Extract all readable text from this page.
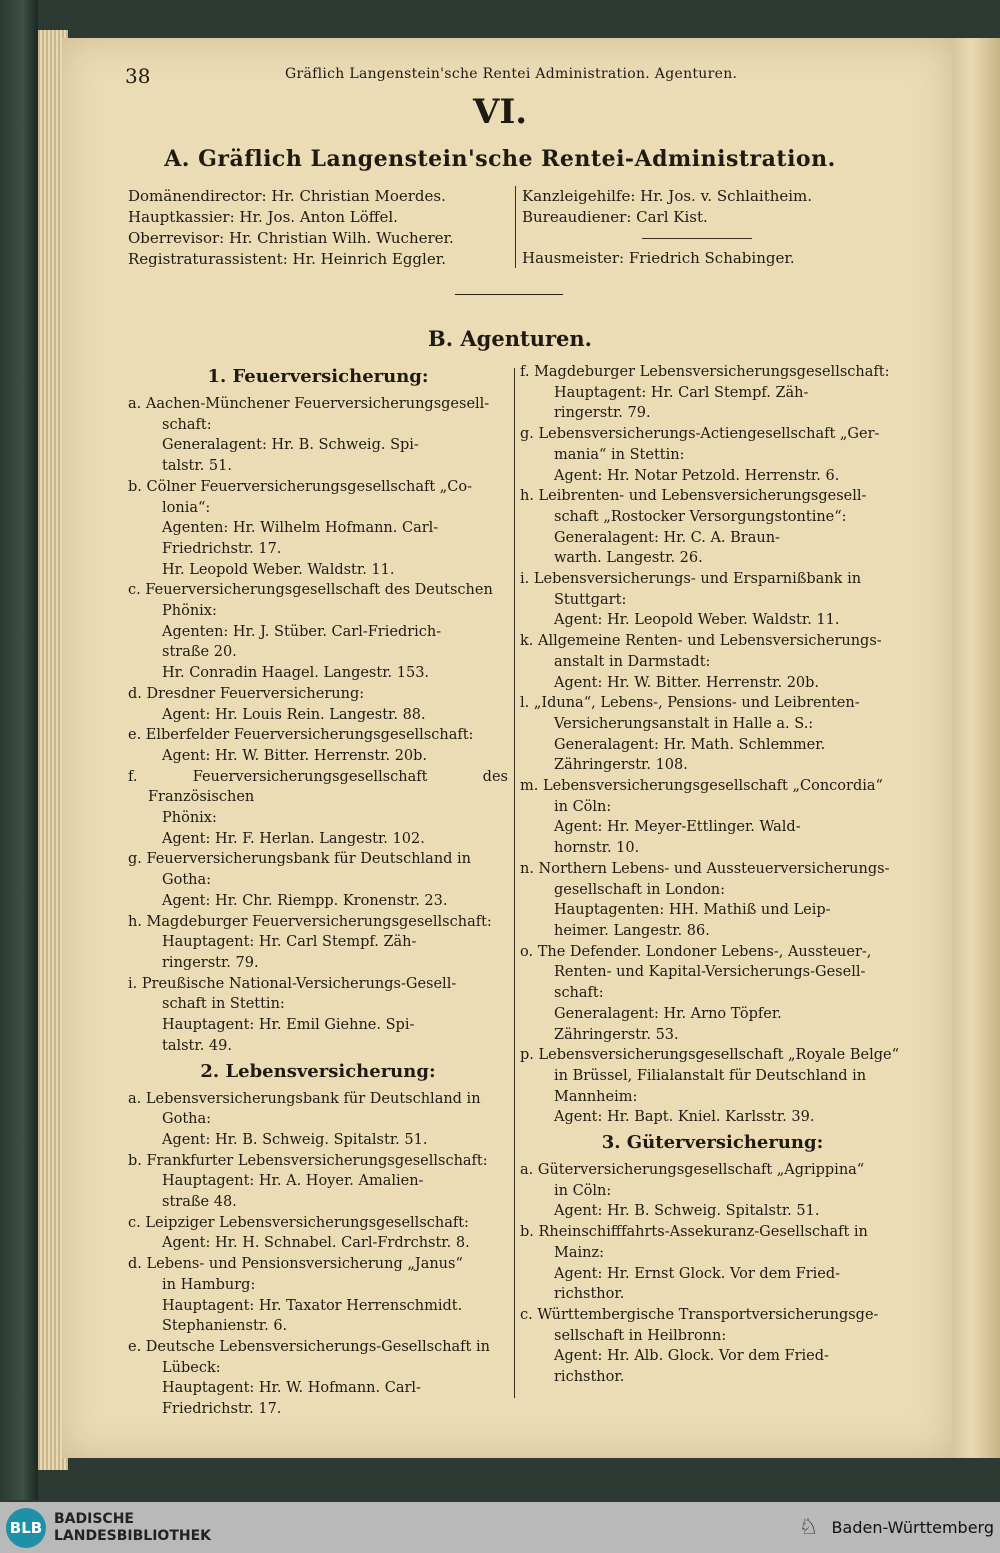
38	Gräflich Langenstein'sche Rentei Administration. Agenturen.
VI.
A. Gräflich Langenstein'sche Rentei-Administration.
Domänendirector: Hr. Christian Moerdes.
Hauptkassier: Hr. Jos. Anton Löffel.
Oberrevisor: Hr. Christian Wilh. Wucherer.
Registraturassistent: Hr. Heinrich Eggler.
Kanzleigehilfe: Hr. Jos. v. Schlaitheim.
Bureaudiener: Carl Kist.
Hausmeister: Friedrich Schabinger.
B. Agenturen.
1. Feuerversicherung:
a. Aachen-Münchener Feuerversicherungsgesell-
schaft:
Generalagent: Hr. B. Schweig. Spi-
talstr. 51.
b. Cölner Feuerversicherungsgesellschaft „Co-
lonia“:
Agenten: Hr. Wilhelm Hofmann. Carl-
Friedrichstr. 17.
Hr. Leopold Weber. Waldstr. 11.
c. Feuerversicherungsgesellschaft des Deutschen
Phönix:
Agenten: Hr. J. Stüber. Carl-Friedrich-
straße 20.
Hr. Conradin Haagel. Langestr. 153.
d. Dresdner Feuerversicherung:
Agent: Hr. Louis Rein. Langestr. 88.
e. Elberfelder Feuerversicherungsgesellschaft:
Agent: Hr. W. Bitter. Herrenstr. 20b.
f. Feuerversicherungsgesellschaft des Französischen
Phönix:
Agent: Hr. F. Herlan. Langestr. 102.
g. Feuerversicherungsbank für Deutschland in
Gotha:
Agent: Hr. Chr. Riempp. Kronenstr. 23.
h. Magdeburger Feuerversicherungsgesellschaft:
Hauptagent: Hr. Carl Stempf. Zäh-
ringerstr. 79.
i. Preußische National-Versicherungs-Gesell-
schaft in Stettin:
Hauptagent: Hr. Emil Giehne. Spi-
talstr. 49.
2. Lebensversicherung:
a. Lebensversicherungsbank für Deutschland in
Gotha:
Agent: Hr. B. Schweig. Spitalstr. 51.
b. Frankfurter Lebensversicherungsgesellschaft:
Hauptagent: Hr. A. Hoyer. Amalien-
straße 48.
c. Leipziger Lebensversicherungsgesellschaft:
Agent: Hr. H. Schnabel. Carl-Frdrchstr. 8.
d. Lebens- und Pensionsversicherung „Janus“
in Hamburg:
Hauptagent: Hr. Taxator Herrenschmidt.
Stephanienstr. 6.
e. Deutsche Lebensversicherungs-Gesellschaft in
Lübeck:
Hauptagent: Hr. W. Hofmann. Carl-
Friedrichstr. 17.
f. Magdeburger Lebensversicherungsgesellschaft:
Hauptagent: Hr. Carl Stempf. Zäh-
ringerstr. 79.
g. Lebensversicherungs-Actiengesellschaft „Ger-
mania“ in Stettin:
Agent: Hr. Notar Petzold. Herrenstr. 6.
h. Leibrenten- und Lebensversicherungsgesell-
schaft „Rostocker Versorgungstontine“:
Generalagent: Hr. C. A. Braun-
warth. Langestr. 26.
i. Lebensversicherungs- und Ersparnißbank in
Stuttgart:
Agent: Hr. Leopold Weber. Waldstr. 11.
k. Allgemeine Renten- und Lebensversicherungs-
anstalt in Darmstadt:
Agent: Hr. W. Bitter. Herrenstr. 20b.
l. „Iduna“, Lebens-, Pensions- und Leibrenten-
Versicherungsanstalt in Halle a. S.:
Generalagent: Hr. Math. Schlemmer.
Zähringerstr. 108.
m. Lebensversicherungsgesellschaft „Concordia“
in Cöln:
Agent: Hr. Meyer-Ettlinger. Wald-
hornstr. 10.
n. Northern Lebens- und Aussteuerversicherungs-
gesellschaft in London:
Hauptagenten: HH. Mathiß und Leip-
heimer. Langestr. 86.
o. The Defender. Londoner Lebens-, Aussteuer-,
Renten- und Kapital-Versicherungs-Gesell-
schaft:
Generalagent: Hr. Arno Töpfer.
Zähringerstr. 53.
p. Lebensversicherungsgesellschaft „Royale Belge“
in Brüssel, Filialanstalt für Deutschland in
Mannheim:
Agent: Hr. Bapt. Kniel. Karlsstr. 39.
3. Güterversicherung:
a. Güterversicherungsgesellschaft „Agrippina“
in Cöln:
Agent: Hr. B. Schweig. Spitalstr. 51.
b. Rheinschifffahrts-Assekuranz-Gesellschaft in
Mainz:
Agent: Hr. Ernst Glock. Vor dem Fried-
richsthor.
c. Württembergische Transportversicherungsge-
sellschaft in Heilbronn:
Agent: Hr. Alb. Glock. Vor dem Fried-
richsthor.
BLB BADISCHE
LANDESBIBLIOTHEK	♘ Baden-Württemberg
